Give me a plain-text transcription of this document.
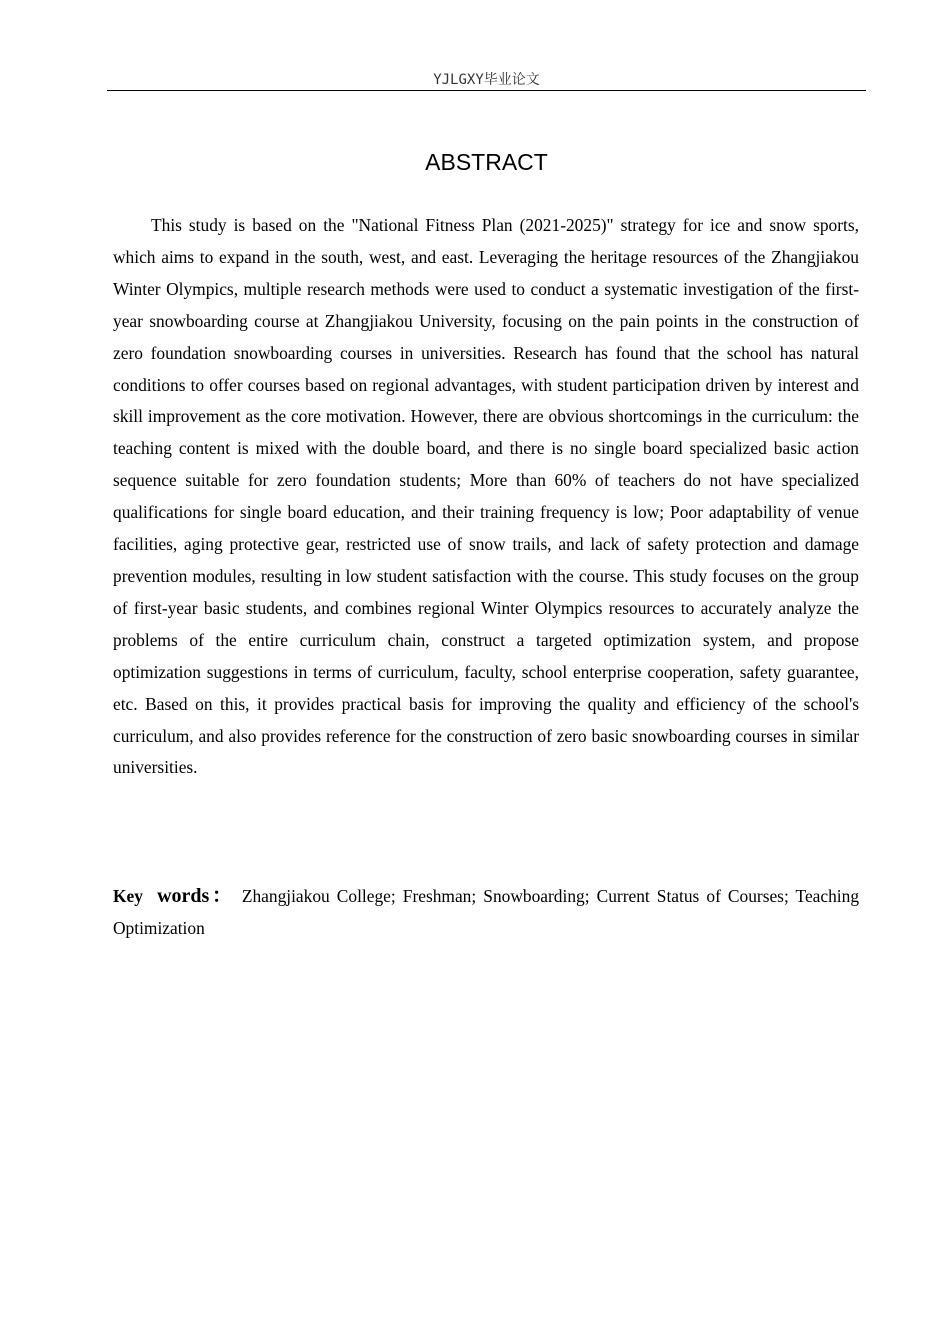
YJLGXY毕业论文
ABSTRACT

This study is based on the "National Fitness Plan (2021-2025)" strategy for ice and snow sports, which aims to expand in the south, west, and east. Leveraging the heritage resources of the Zhangjiakou Winter Olympics, multiple research methods were used to conduct a systematic investigation of the first-year snowboarding course at Zhangjiakou University, focusing on the pain points in the construction of zero foundation snowboarding courses in universities. Research has found that the school has natural conditions to offer courses based on regional advantages, with student participation driven by interest and skill improvement as the core motivation. However, there are obvious shortcomings in the curriculum: the teaching content is mixed with the double board, and there is no single board specialized basic action sequence suitable for zero foundation students; More than 60% of teachers do not have specialized qualifications for single board education, and their training frequency is low; Poor adaptability of venue facilities, aging protective gear, restricted use of snow trails, and lack of safety protection and damage prevention modules, resulting in low student satisfaction with the course. This study focuses on the group of first-year basic students, and combines regional Winter Olympics resources to accurately analyze the problems of the entire curriculum chain, construct a targeted optimization system, and propose optimization suggestions in terms of curriculum, faculty, school enterprise cooperation, safety guarantee, etc. Based on this, it provides practical basis for improving the quality and efficiency of the school's curriculum, and also provides reference for the construction of zero basic snowboarding courses in similar universities.

Key words： Zhangjiakou College; Freshman; Snowboarding; Current Status of Courses; Teaching Optimization
